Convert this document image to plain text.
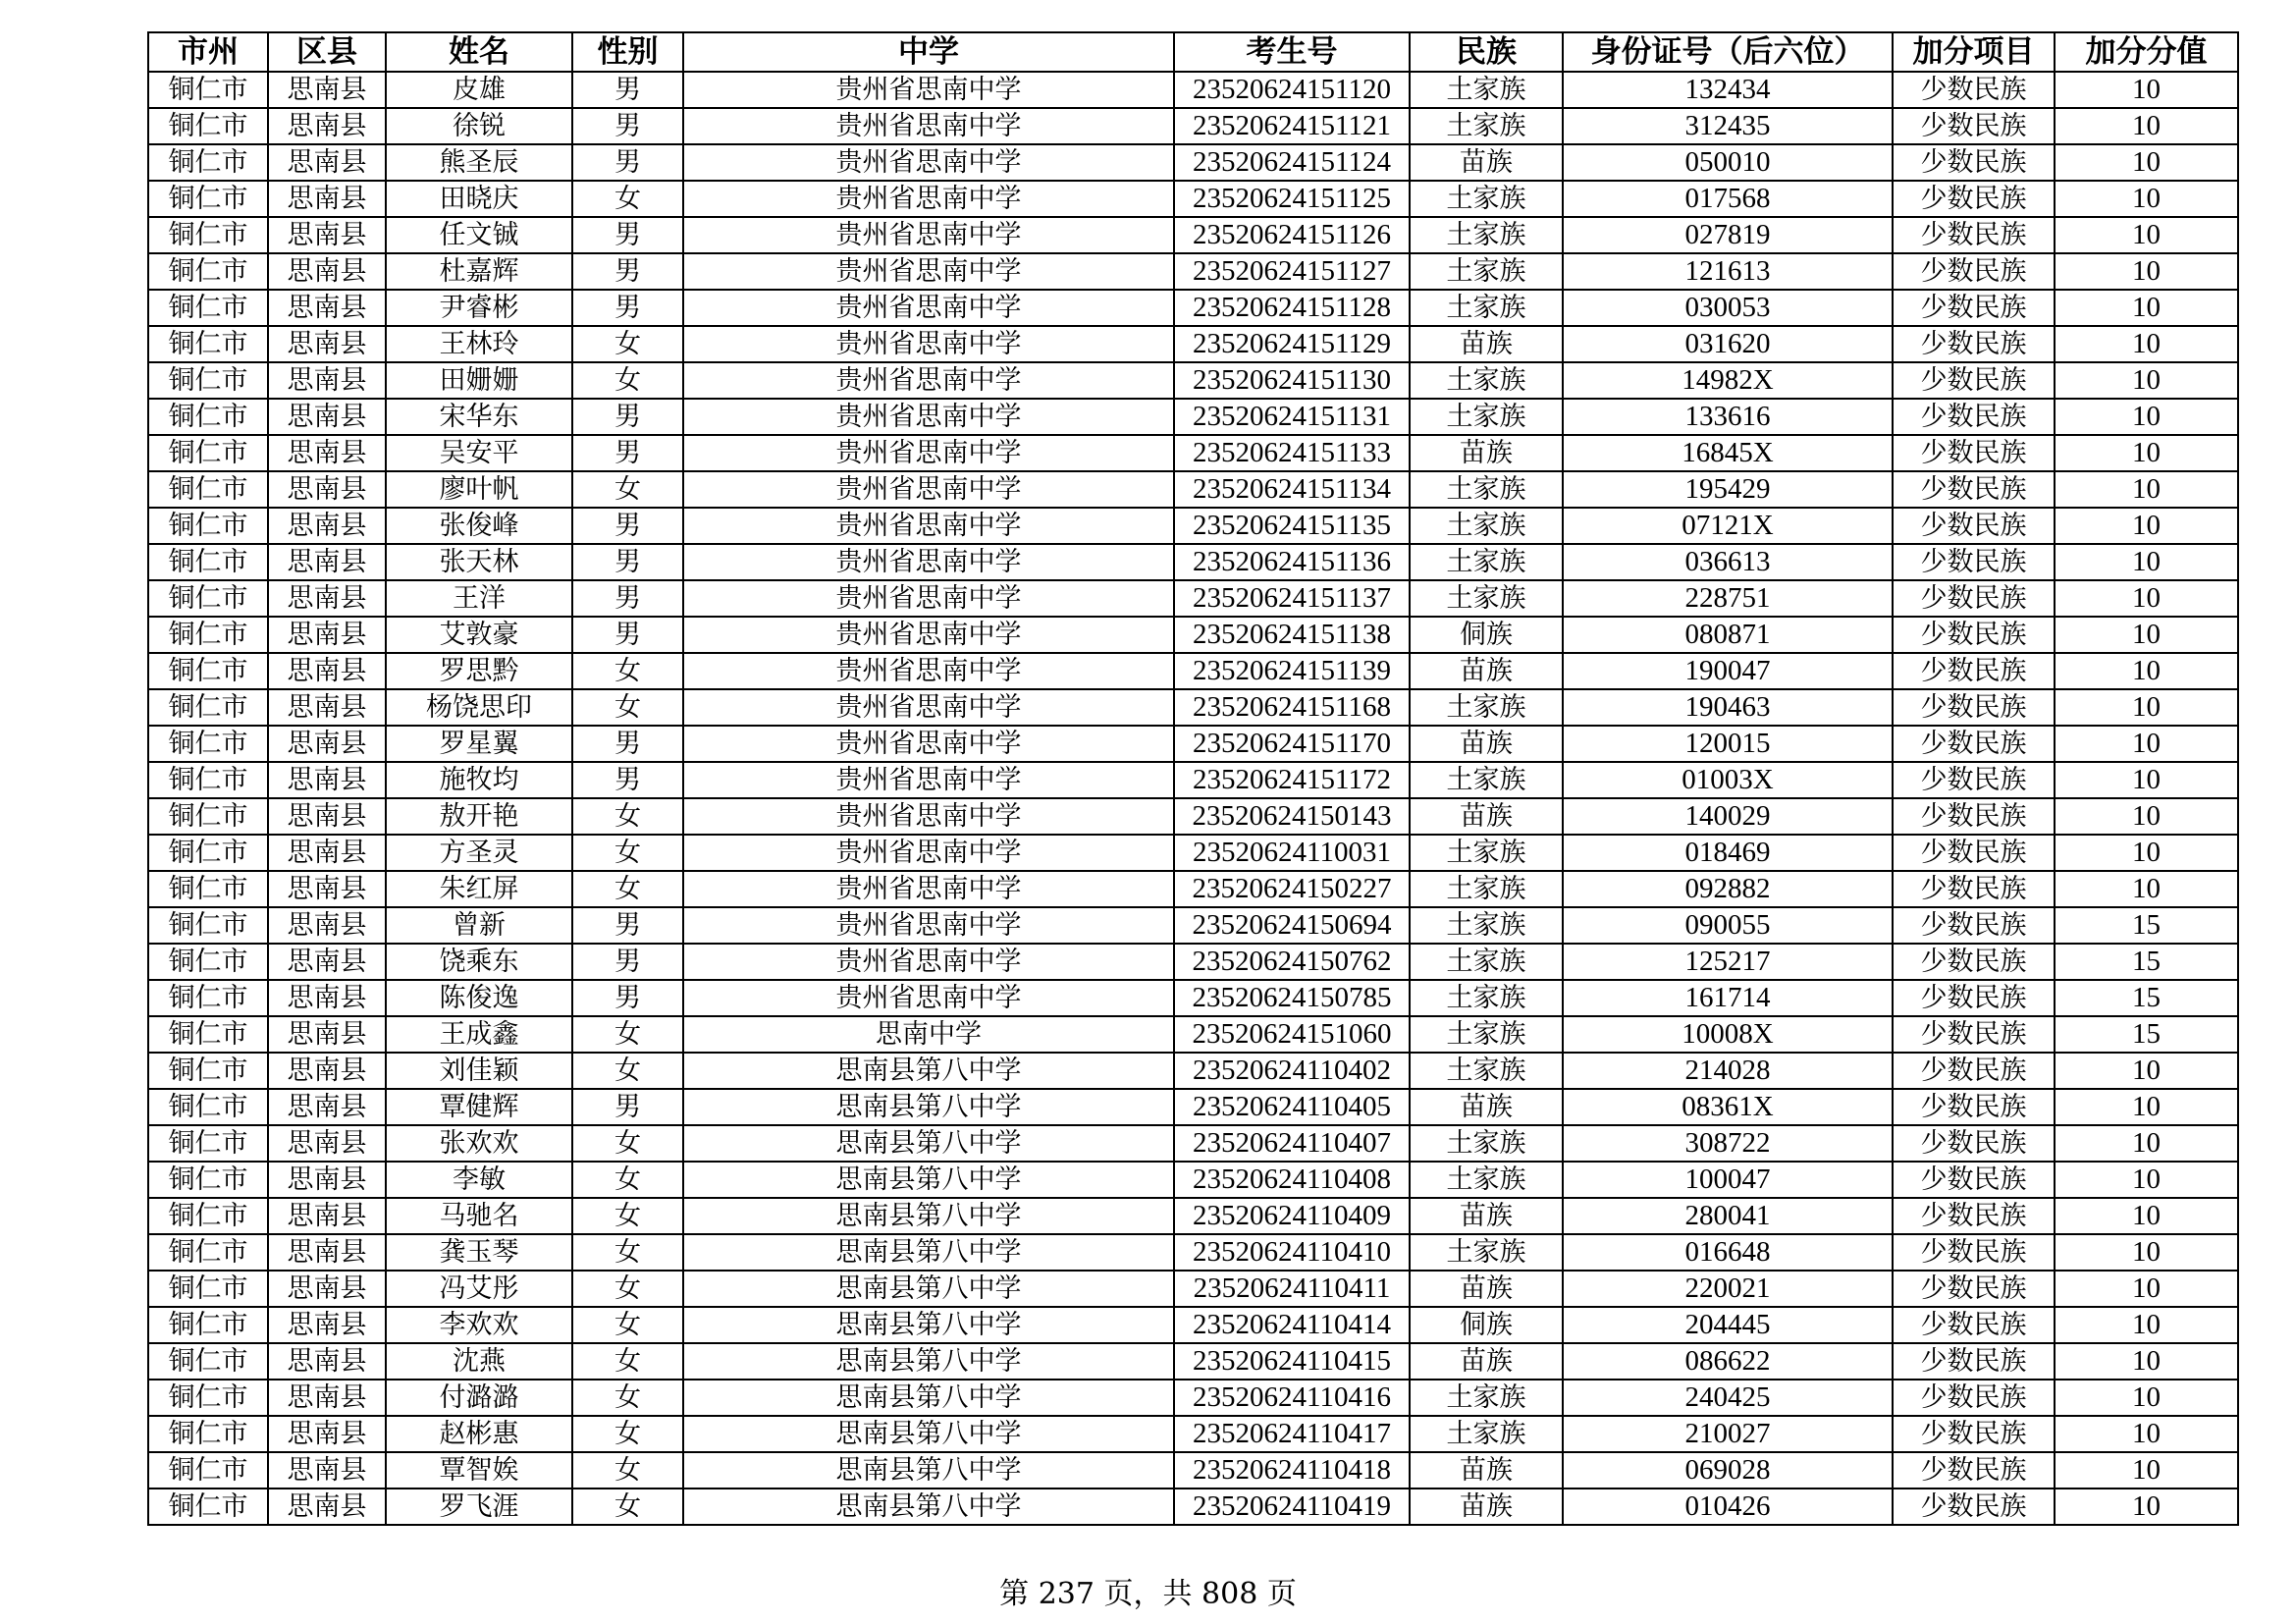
市州	区县	姓名	性别	中学	考生号	民族	身份证号（后六位）	加分项目	加分分值
铜仁市	思南县	皮雄	男	贵州省思南中学	23520624151120	土家族	132434	少数民族	10
铜仁市	思南县	徐锐	男	贵州省思南中学	23520624151121	土家族	312435	少数民族	10
铜仁市	思南县	熊圣辰	男	贵州省思南中学	23520624151124	苗族	050010	少数民族	10
铜仁市	思南县	田晓庆	女	贵州省思南中学	23520624151125	土家族	017568	少数民族	10
铜仁市	思南县	任文铖	男	贵州省思南中学	23520624151126	土家族	027819	少数民族	10
铜仁市	思南县	杜嘉辉	男	贵州省思南中学	23520624151127	土家族	121613	少数民族	10
铜仁市	思南县	尹睿彬	男	贵州省思南中学	23520624151128	土家族	030053	少数民族	10
铜仁市	思南县	王林玲	女	贵州省思南中学	23520624151129	苗族	031620	少数民族	10
铜仁市	思南县	田姗姗	女	贵州省思南中学	23520624151130	土家族	14982X	少数民族	10
铜仁市	思南县	宋华东	男	贵州省思南中学	23520624151131	土家族	133616	少数民族	10
铜仁市	思南县	吴安平	男	贵州省思南中学	23520624151133	苗族	16845X	少数民族	10
铜仁市	思南县	廖叶帆	女	贵州省思南中学	23520624151134	土家族	195429	少数民族	10
铜仁市	思南县	张俊峰	男	贵州省思南中学	23520624151135	土家族	07121X	少数民族	10
铜仁市	思南县	张天林	男	贵州省思南中学	23520624151136	土家族	036613	少数民族	10
铜仁市	思南县	王洋	男	贵州省思南中学	23520624151137	土家族	228751	少数民族	10
铜仁市	思南县	艾敦豪	男	贵州省思南中学	23520624151138	侗族	080871	少数民族	10
铜仁市	思南县	罗思黔	女	贵州省思南中学	23520624151139	苗族	190047	少数民族	10
铜仁市	思南县	杨饶思印	女	贵州省思南中学	23520624151168	土家族	190463	少数民族	10
铜仁市	思南县	罗星翼	男	贵州省思南中学	23520624151170	苗族	120015	少数民族	10
铜仁市	思南县	施牧均	男	贵州省思南中学	23520624151172	土家族	01003X	少数民族	10
铜仁市	思南县	敖开艳	女	贵州省思南中学	23520624150143	苗族	140029	少数民族	10
铜仁市	思南县	方圣灵	女	贵州省思南中学	23520624110031	土家族	018469	少数民族	10
铜仁市	思南县	朱红屏	女	贵州省思南中学	23520624150227	土家族	092882	少数民族	10
铜仁市	思南县	曾新	男	贵州省思南中学	23520624150694	土家族	090055	少数民族	15
铜仁市	思南县	饶乘东	男	贵州省思南中学	23520624150762	土家族	125217	少数民族	15
铜仁市	思南县	陈俊逸	男	贵州省思南中学	23520624150785	土家族	161714	少数民族	15
铜仁市	思南县	王成鑫	女	思南中学	23520624151060	土家族	10008X	少数民族	15
铜仁市	思南县	刘佳颖	女	思南县第八中学	23520624110402	土家族	214028	少数民族	10
铜仁市	思南县	覃健辉	男	思南县第八中学	23520624110405	苗族	08361X	少数民族	10
铜仁市	思南县	张欢欢	女	思南县第八中学	23520624110407	土家族	308722	少数民族	10
铜仁市	思南县	李敏	女	思南县第八中学	23520624110408	土家族	100047	少数民族	10
铜仁市	思南县	马驰名	女	思南县第八中学	23520624110409	苗族	280041	少数民族	10
铜仁市	思南县	龚玉琴	女	思南县第八中学	23520624110410	土家族	016648	少数民族	10
铜仁市	思南县	冯艾彤	女	思南县第八中学	23520624110411	苗族	220021	少数民族	10
铜仁市	思南县	李欢欢	女	思南县第八中学	23520624110414	侗族	204445	少数民族	10
铜仁市	思南县	沈燕	女	思南县第八中学	23520624110415	苗族	086622	少数民族	10
铜仁市	思南县	付潞潞	女	思南县第八中学	23520624110416	土家族	240425	少数民族	10
铜仁市	思南县	赵彬惠	女	思南县第八中学	23520624110417	土家族	210027	少数民族	10
铜仁市	思南县	覃智娭	女	思南县第八中学	23520624110418	苗族	069028	少数民族	10
铜仁市	思南县	罗飞涯	女	思南县第八中学	23520624110419	苗族	010426	少数民族	10
第 237 页，共 808 页
